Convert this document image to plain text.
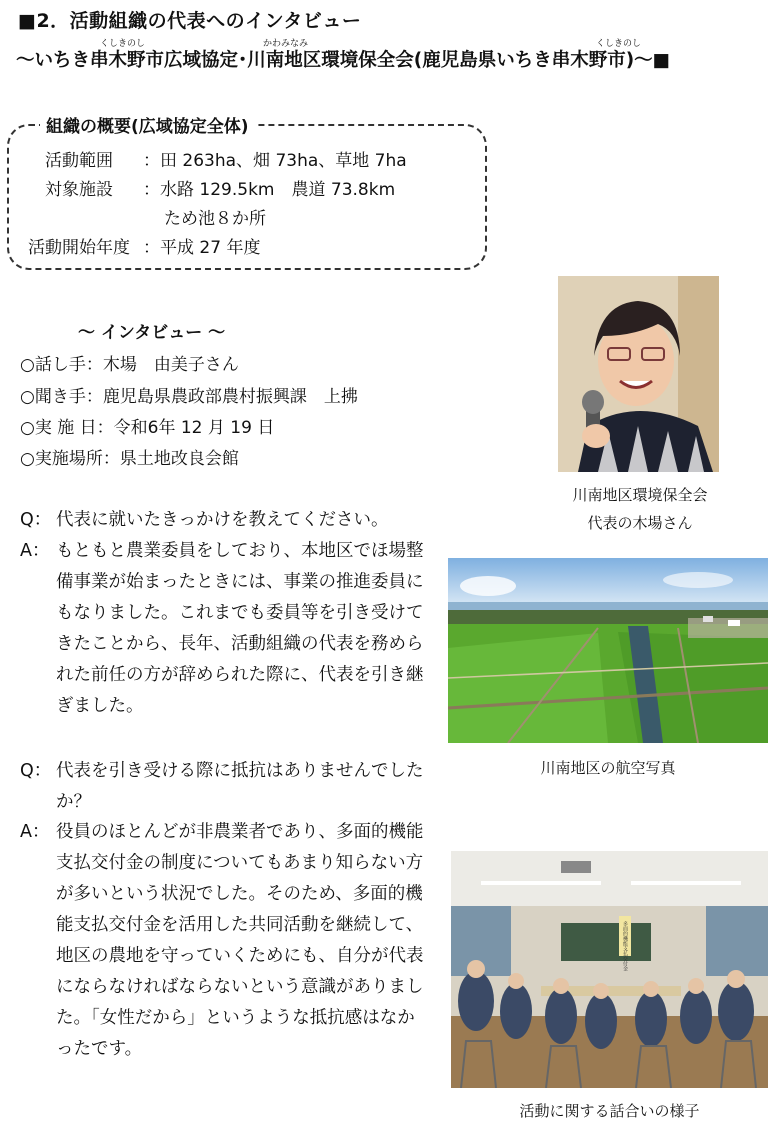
■2．活動組織の代表へのインタビュー
くしきのし	かわみなみ	くしきのし
～いちき串木野市広域協定･川南地区環境保全会(鹿児島県いちき串木野市)～■
組織の概要(広域協定全体)
活動範囲 ：田 263ha、畑 73ha、草地 7ha
対象施設 ：水路 129.5km　農道 73.8km
ため池８か所
活動開始年度 ：平成 27 年度
～ インタビュー ～
○話し手：木場　由美子さん
○聞き手：鹿児島県農政部農村振興課　上拂
○実 施 日：令和6年 12 月 19 日
○実施場所：県土地改良会館
Q： 代表に就いたきっかけを教えてください。
A： もともと農業委員をしており、本地区でほ場整備事業が始まったときには、事業の推進委員にもなりました。これまでも委員等を引き受けてきたことから、長年、活動組織の代表を務められた前任の方が辞められた際に、代表を引き継ぎました。
Q： 代表を引き受ける際に抵抗はありませんでしたか？
A： 役員のほとんどが非農業者であり、多面的機能支払交付金の制度についてもあまり知らない方が多いという状況でした。そのため、多面的機能支払交付金を活用した共同活動を継続して、地区の農地を守っていくためにも、自分が代表にならなければならないという意識がありました。「女性だから」というような抵抗感はなかったです。
川南地区環境保全会
代表の木場さん
川南地区の航空写真
多面的機能支払交付金
活動に関する話合いの様子
